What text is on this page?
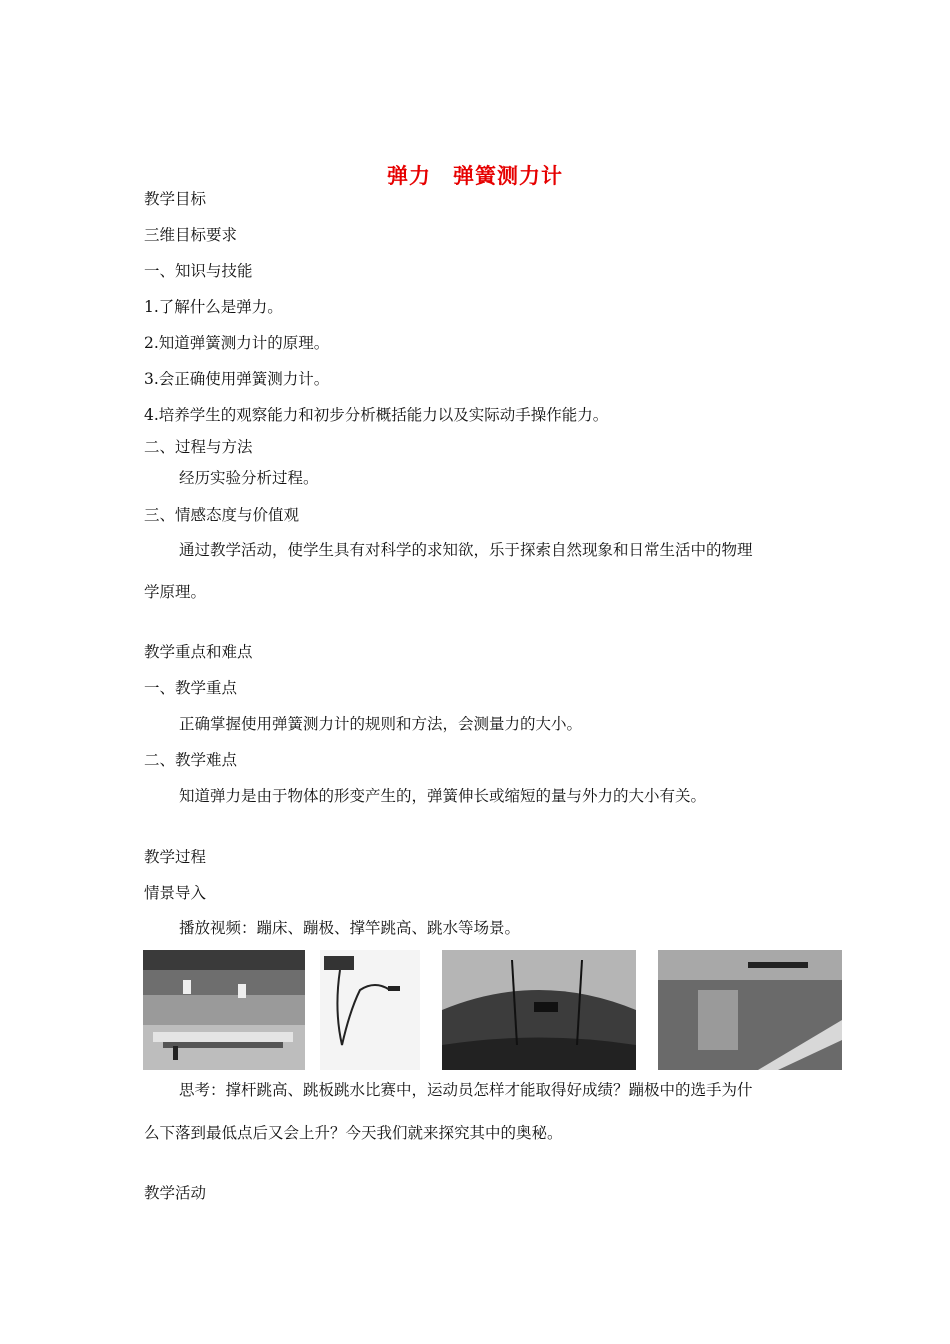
弹力　弹簧测力计
教学目标
三维目标要求
一、知识与技能
1.了解什么是弹力。
2.知道弹簧测力计的原理。
3.会正确使用弹簧测力计。
4.培养学生的观察能力和初步分析概括能力以及实际动手操作能力。
二、过程与方法
经历实验分析过程。
三、情感态度与价值观
通过教学活动，使学生具有对科学的求知欲，乐于探索自然现象和日常生活中的物理
学原理。
教学重点和难点
一、教学重点
正确掌握使用弹簧测力计的规则和方法，会测量力的大小。
二、教学难点
知道弹力是由于物体的形变产生的，弹簧伸长或缩短的量与外力的大小有关。
教学过程
情景导入
播放视频：蹦床、蹦极、撑竿跳高、跳水等场景。
思考：撑杆跳高、跳板跳水比赛中，运动员怎样才能取得好成绩？蹦极中的选手为什
么下落到最低点后又会上升？今天我们就来探究其中的奥秘。
教学活动
